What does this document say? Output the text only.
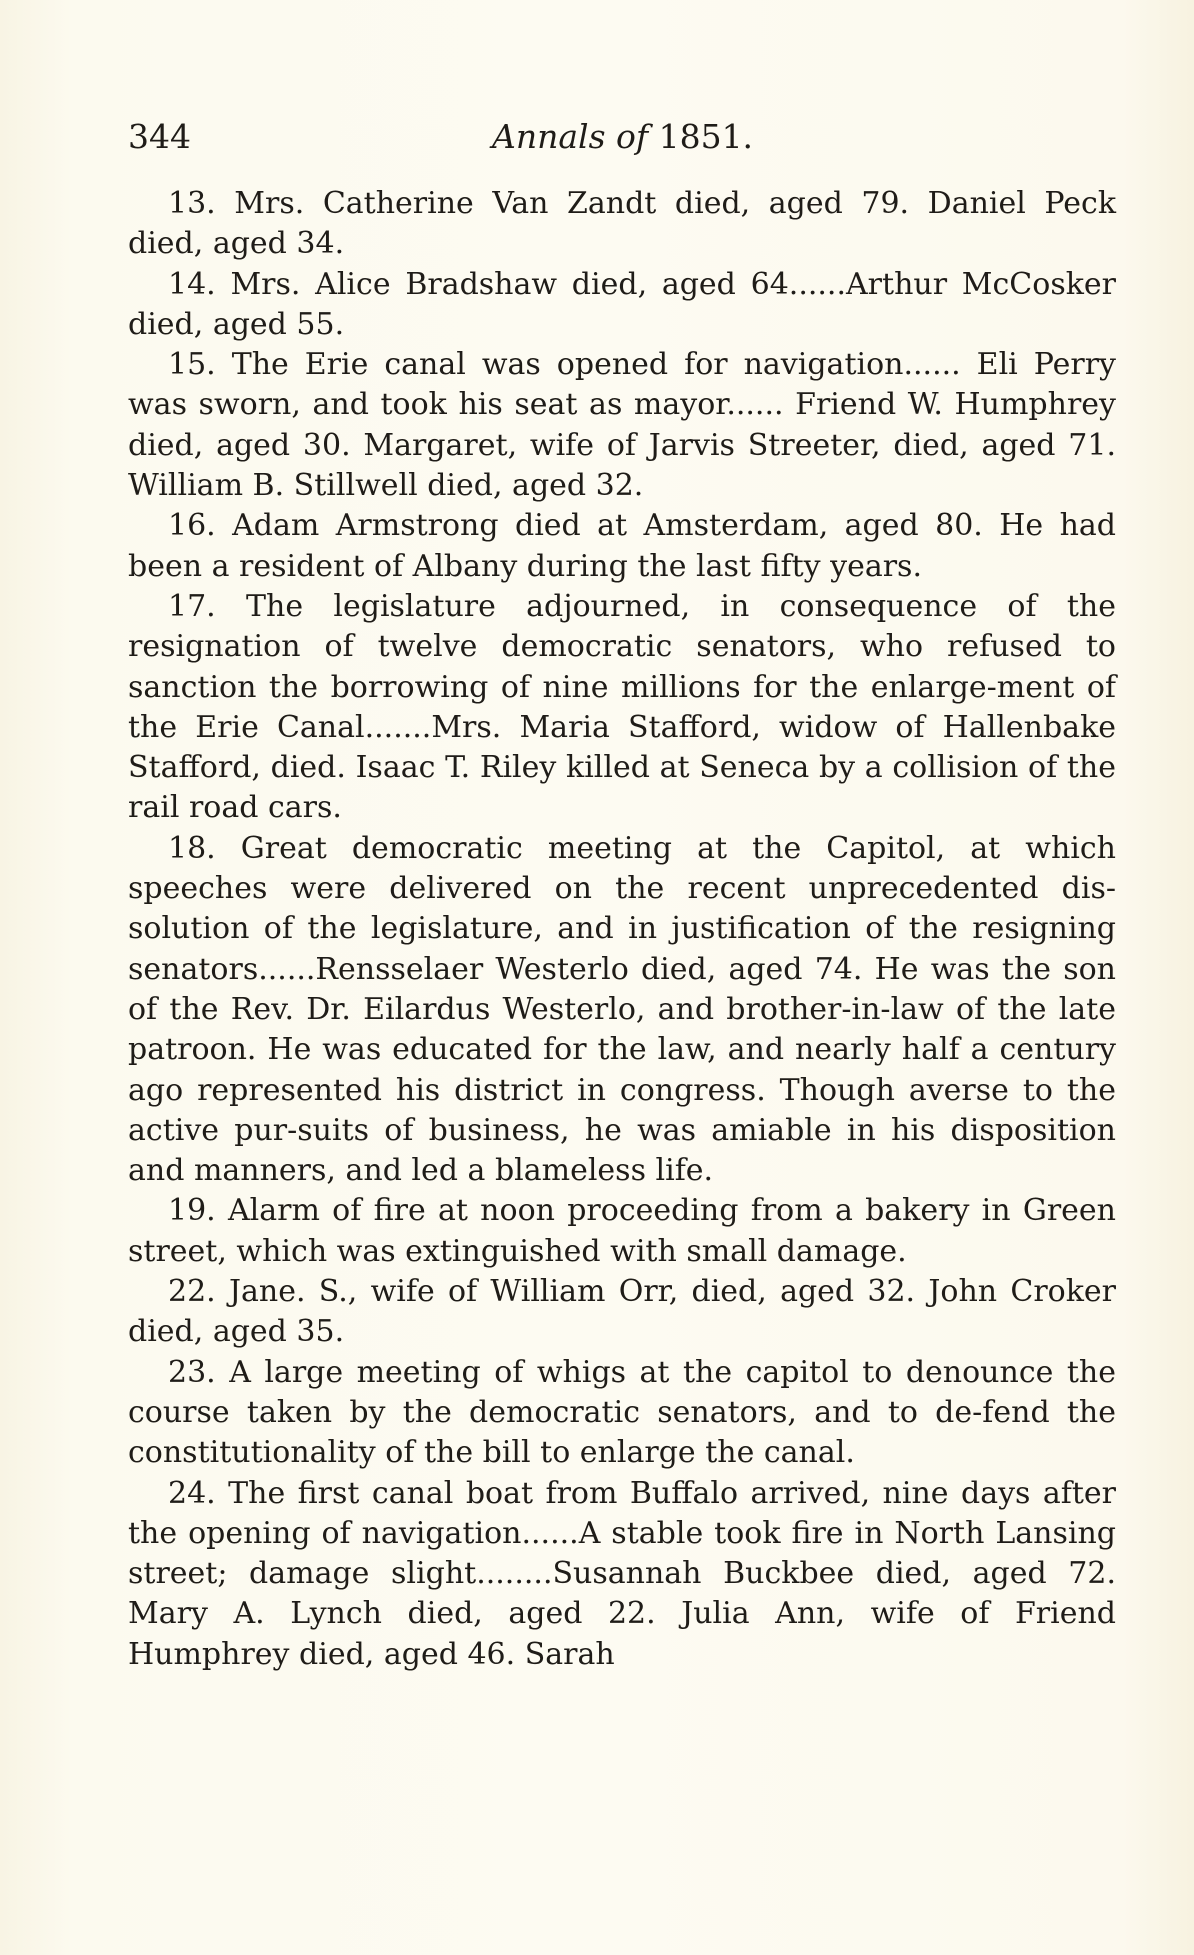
344	Annals of 1851.

13. Mrs. Catherine Van Zandt died, aged 79. Daniel Peck died, aged 34.

14. Mrs. Alice Bradshaw died, aged 64......Arthur McCosker died, aged 55.

15. The Erie canal was opened for navigation...... Eli Perry was sworn, and took his seat as mayor...... Friend W. Humphrey died, aged 30. Margaret, wife of Jarvis Streeter, died, aged 71. William B. Stillwell died, aged 32.

16. Adam Armstrong died at Amsterdam, aged 80. He had been a resident of Albany during the last fifty years.

17. The legislature adjourned, in consequence of the resignation of twelve democratic senators, who refused to sanction the borrowing of nine millions for the enlarge-ment of the Erie Canal.......Mrs. Maria Stafford, widow of Hallenbake Stafford, died. Isaac T. Riley killed at Seneca by a collision of the rail road cars.

18. Great democratic meeting at the Capitol, at which speeches were delivered on the recent unprecedented dis-solution of the legislature, and in justification of the resigning senators......Rensselaer Westerlo died, aged 74. He was the son of the Rev. Dr. Eilardus Westerlo, and brother-in-law of the late patroon. He was educated for the law, and nearly half a century ago represented his district in congress. Though averse to the active pur-suits of business, he was amiable in his disposition and manners, and led a blameless life.

19. Alarm of fire at noon proceeding from a bakery in Green street, which was extinguished with small damage.

22. Jane. S., wife of William Orr, died, aged 32. John Croker died, aged 35.

23. A large meeting of whigs at the capitol to denounce the course taken by the democratic senators, and to de-fend the constitutionality of the bill to enlarge the canal.

24. The first canal boat from Buffalo arrived, nine days after the opening of navigation......A stable took fire in North Lansing street; damage slight........Susannah Buckbee died, aged 72. Mary A. Lynch died, aged 22. Julia Ann, wife of Friend Humphrey died, aged 46. Sarah
